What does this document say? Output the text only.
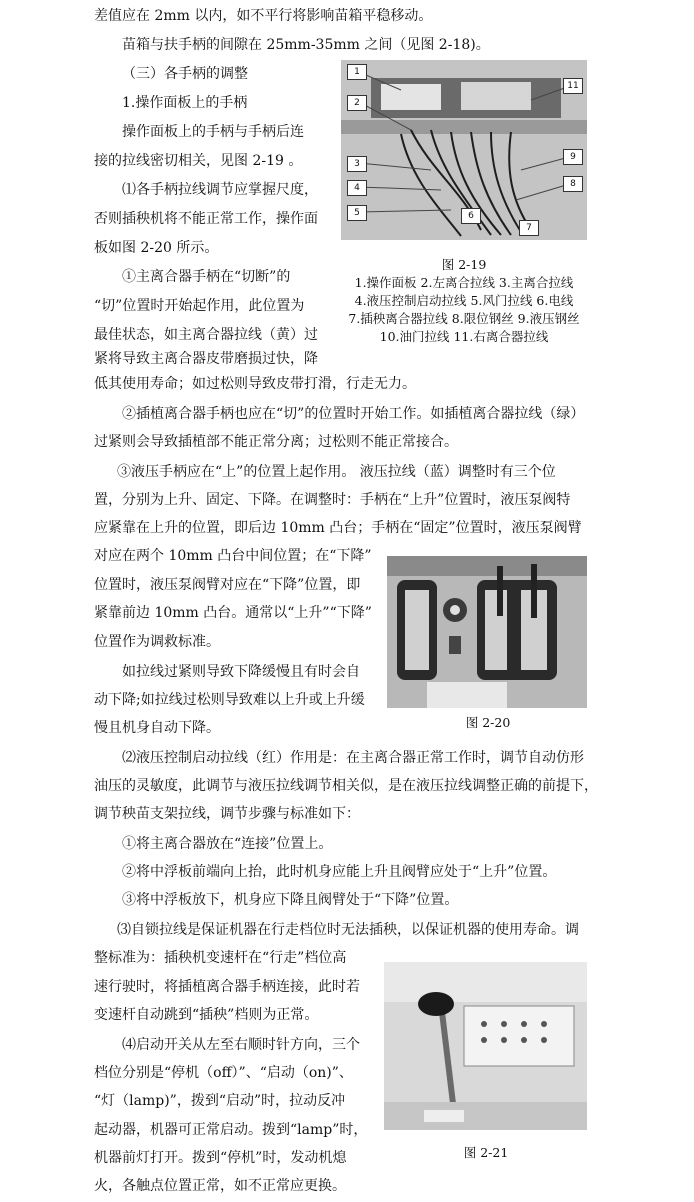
差值应在 2mm 以内，如不平行将影响苗箱平稳移动。
苗箱与扶手柄的间隙在 25mm-35mm 之间（见图 2-18)。
（三）各手柄的调整
1.操作面板上的手柄
操作面板上的手柄与手柄后连
接的拉线密切相关，见图 2-19 。
⑴各手柄拉线调节应掌握尺度，
否则插秧机将不能正常工作，操作面
板如图 2-20 所示。
①主离合器手柄在“切断”的
“切”位置时开始起作用，此位置为
最佳状态，如主离合器拉线（黄）过
紧将导致主离合器皮带磨损过快，降
低其使用寿命；如过松则导致皮带打滑，行走无力。
②插植离合器手柄也应在“切”的位置时开始工作。如插植离合器拉线（绿）
过紧则会导致插植部不能正常分离；过松则不能正常接合。
③液压手柄应在“上”的位置上起作用。 液压拉线（蓝）调整时有三个位
置，分别为上升、固定、下降。在调整时：手柄在“上升”位置时，液压泵阀特
应紧靠在上升的位置，即后边 10mm 凸台；手柄在“固定”位置时，液压泵阀臂
对应在两个 10mm 凸台中间位置；在“下降”
位置时，液压泵阀臂对应在“下降”位置，即
紧靠前边 10mm 凸台。通常以“上升”“下降”
位置作为调救标准。
如拉线过紧则导致下降缓慢且有时会自
动下降;如拉线过松则导致难以上升或上升缓
慢且机身自动下降。
⑵液压控制启动拉线（红）作用是：在主离合器正常工作时，调节自动仿形
油压的灵敏度，此调节与液压拉线调节相关似，是在液压拉线调整正确的前提下，
调节秧苗支架拉线，调节步骤与标准如下：
①将主离合器放在“连接”位置上。
②将中浮板前端向上抬，此时机身应能上升且阀臂应处于“上升”位置。
③将中浮板放下，机身应下降且阀臂处于“下降”位置。
⑶自锁拉线是保证机器在行走档位时无法插秧，以保证机器的使用寿命。调
整标准为：插秧机变速杆在“行走”档位高
速行驶时，将插植离合器手柄连接，此时若
变速杆自动跳到“插秧”档则为正常。
⑷启动开关从左至右顺时针方向，三个
档位分别是“停机（off）”、“启动（on)”、
“灯（lamp)”，拨到“启动”时，拉动反冲
起动器，机器可正常启动。拨到“lamp”时，
机器前灯打开。拨到“停机”时，发动机熄
火，各触点位置正常，如不正常应更换。
1
2
3
4
5	6
7
8
9
11
图 2-19
1.操作面板 2.左离合拉线 3.主离合拉线
4.液压控制启动拉线 5.风门拉线 6.电线
7.插秧离合器拉线 8.限位钢丝 9.液压钢丝
10.油门拉线 11.右离合器拉线
图 2-20
图 2-21
